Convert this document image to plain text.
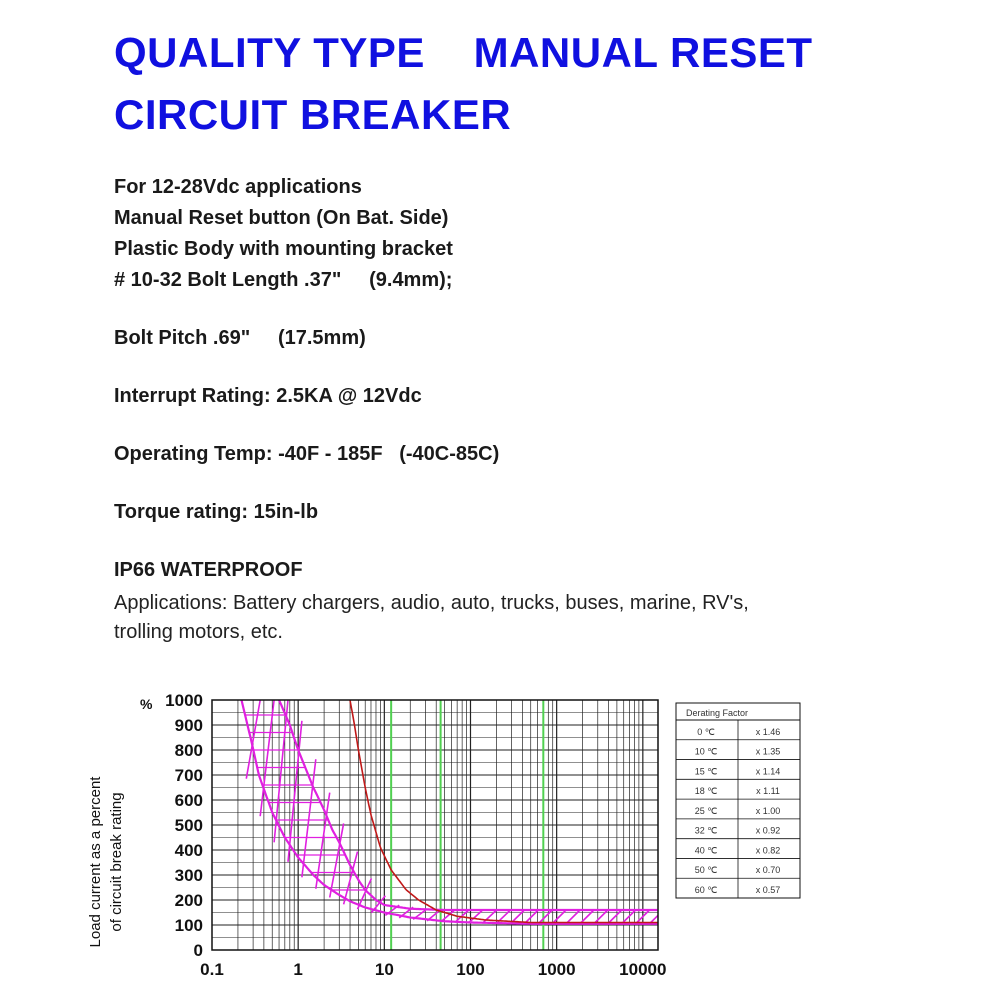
QUALITY TYPE    MANUAL RESET
CIRCUIT BREAKER

For 12-28Vdc applications

Manual Reset button (On Bat. Side)

Plastic Body with mounting bracket

# 10-32 Bolt Length .37"     (9.4mm);

Bolt Pitch .69"     (17.5mm)

Interrupt Rating: 2.5KA @ 12Vdc

Operating Temp: -40F - 185F   (-40C-85C)

Torque rating: 15in-lb

IP66 WATERPROOF

Applications: Battery chargers, audio, auto, trucks, buses, marine, RV's,

trolling motors, etc.

0
100
200
300
400
500
600
700
800
900
1000
0.1	1	10	100	1000	10000
%
Load current as a percent of circuit break rating
Derating Factor
0 ℃	x 1.46
10 ℃	x 1.35
15 ℃	x 1.14
18 ℃	x 1.11
25 ℃	x 1.00
32 ℃	x 0.92
40 ℃	x 0.82
50 ℃	x 0.70
60 ℃	x 0.57
